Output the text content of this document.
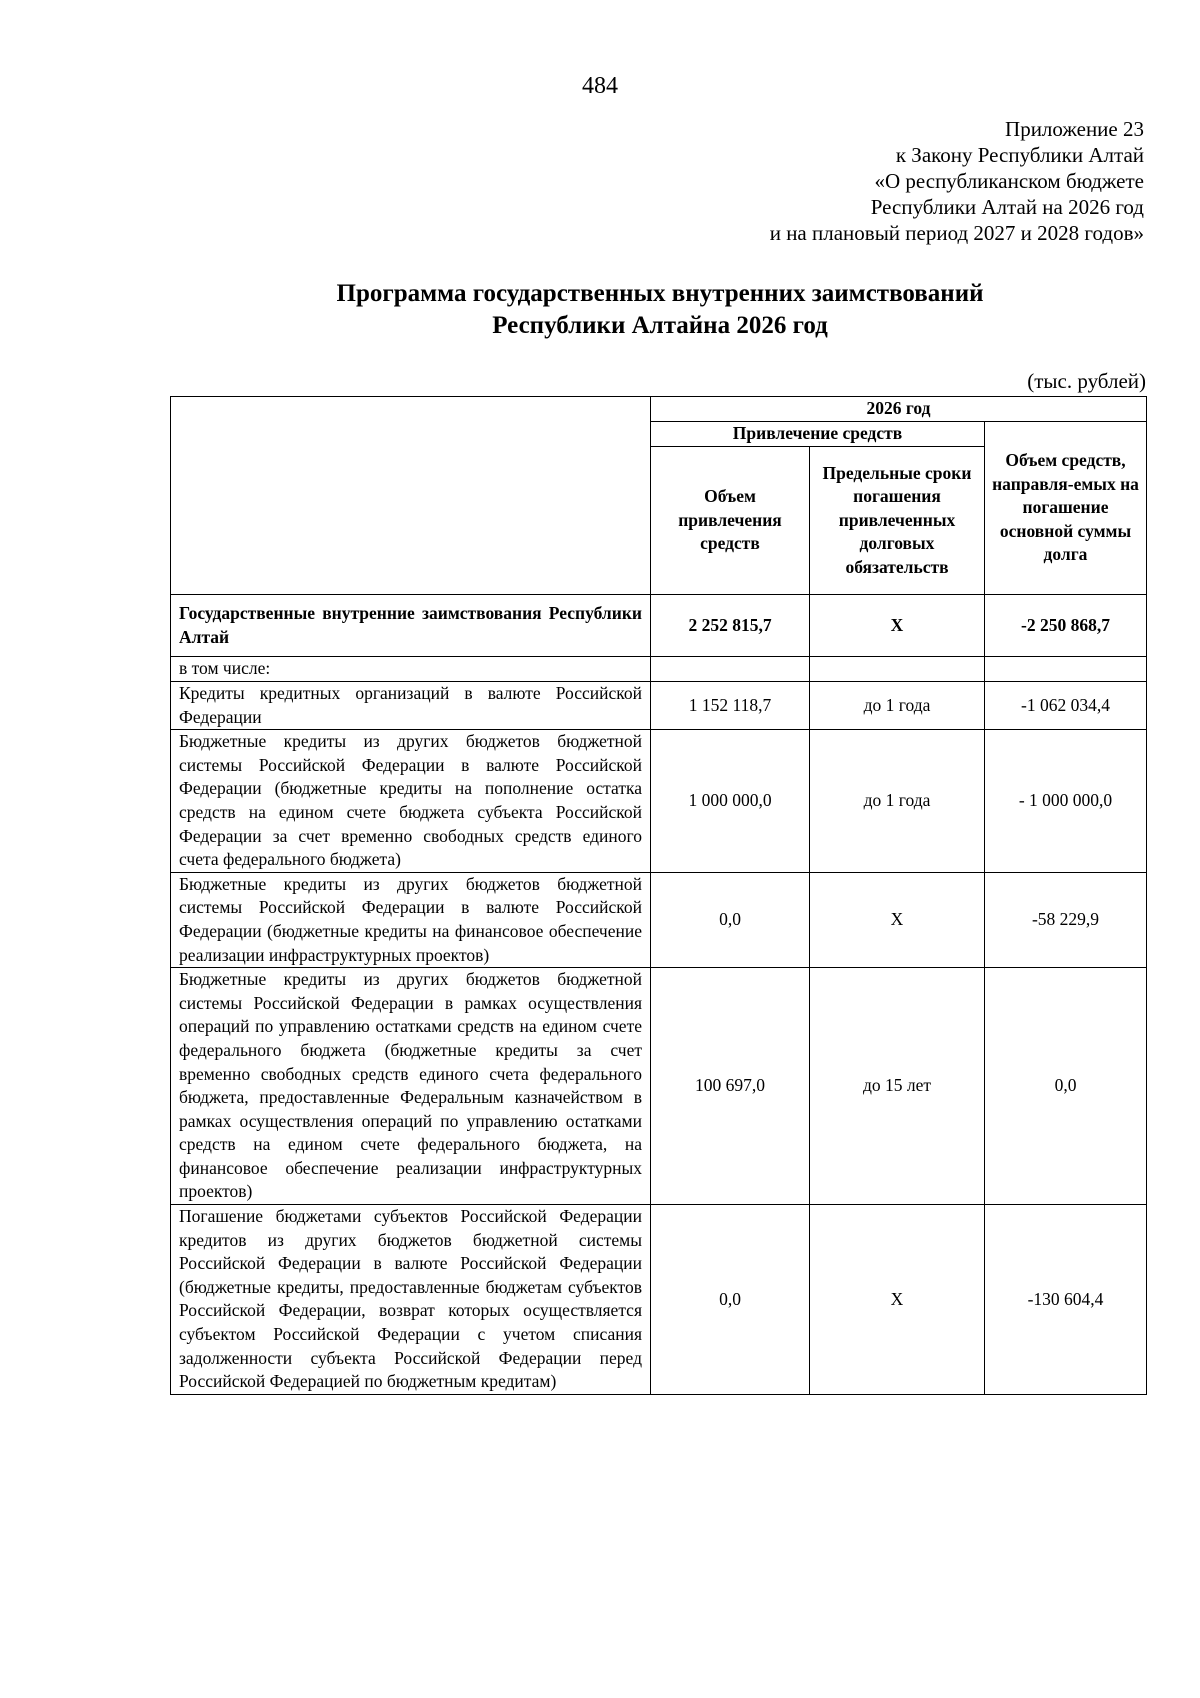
484
Приложение 23
к Закону Республики Алтай
«О республиканском бюджете
Республики Алтай на 2026 год
и на плановый период 2027 и 2028 годов»
Программа государственных внутренних заимствований
Республики Алтайна 2026 год
(тыс. рублей)
	2026 год		
	Привлечение средств		Объем средств, направля-емых на погашение основной суммы долга
	Объем привлечения средств	Предельные сроки погашения привлеченных долговых обязательств	
Государственные внутренние заимствования Республики Алтай	2 252 815,7	Х	-2 250 868,7
в том числе:			
Кредиты кредитных организаций в валюте Российской Федерации	1 152 118,7	до 1 года	-1 062 034,4
Бюджетные кредиты из других бюджетов бюджетной системы Российской Федерации в валюте Российской Федерации (бюджетные кредиты на пополнение остатка средств на едином счете бюджета субъекта Российской Федерации за счет временно свободных средств единого счета федерального бюджета)	1 000 000,0	до 1 года	- 1 000 000,0
Бюджетные кредиты из других бюджетов бюджетной системы Российской Федерации в валюте Российской Федерации (бюджетные кредиты на финансовое обеспечение реализации инфраструктурных проектов)	0,0	Х	-58 229,9
Бюджетные кредиты из других бюджетов бюджетной системы Российской Федерации в рамках осуществления операций по управлению остатками средств на едином счете федерального бюджета (бюджетные кредиты за счет временно свободных средств единого счета федерального бюджета, предоставленные Федеральным казначейством в рамках осуществления операций по управлению остатками средств на едином счете федерального бюджета, на финансовое обеспечение реализации инфраструктурных проектов)	100 697,0	до 15 лет	0,0
Погашение бюджетами субъектов Российской Федерации кредитов из других бюджетов бюджетной системы Российской Федерации в валюте Российской Федерации (бюджетные кредиты, предоставленные бюджетам субъектов Российской Федерации, возврат которых осуществляется субъектом Российской Федерации с учетом списания задолженности субъекта Российской Федерации перед Российской Федерацией по бюджетным кредитам)	0,0	Х	-130 604,4
